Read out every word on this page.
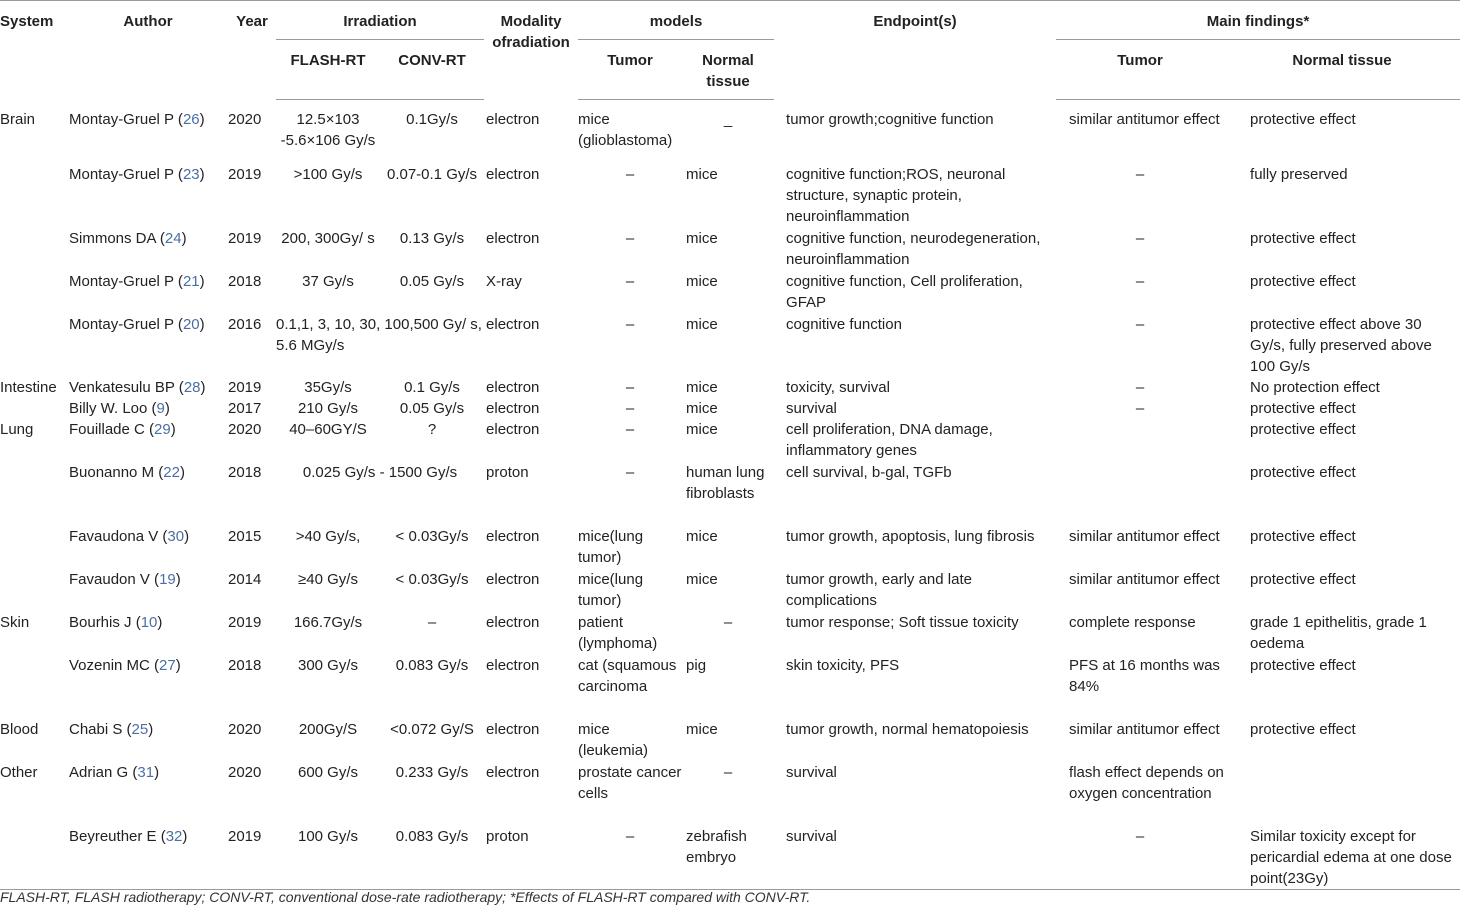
System	Author	Year	Irradiation		Modality ofradiation	models		Endpoint(s)	Main findings*	
			FLASH-RT	CONV-RT		Tumor	Normal tissue		Tumor	Normal tissue
Brain	Montay-Gruel P (26)	2020	12.5×103 -5.6×106 Gy/s	0.1Gy/s	electron	mice (glioblastoma)	_	tumor growth;cognitive function	similar antitumor effect	protective effect
	Montay-Gruel P (23)	2019	>100 Gy/s	0.07-0.1 Gy/s	electron	–	mice	cognitive function;ROS, neuronal structure, synaptic protein, neuroinflammation	–	fully preserved
	Simmons DA (24)	2019	200, 300Gy/ s	0.13 Gy/s	electron	–	mice	cognitive function, neurodegeneration, neuroinflammation	–	protective effect
	Montay-Gruel P (21)	2018	37 Gy/s	0.05 Gy/s	X-ray	–	mice	cognitive function, Cell proliferation, GFAP	–	protective effect
	Montay-Gruel P (20)	2016	0.1,1, 3, 10, 30, 100,500 Gy/ s, 5.6 MGy/s		electron	–	mice	cognitive function	–	protective effect above 30 Gy/s, fully preserved above 100 Gy/s
Intestine	Venkatesulu BP (28)	2019	35Gy/s	0.1 Gy/s	electron	–	mice	toxicity, survival	–	No protection effect
	Billy W. Loo (9)	2017	210 Gy/s	0.05 Gy/s	electron	–	mice	survival	–	protective effect
Lung	Fouillade C (29)	2020	40–60GY/S	?	electron	–	mice	cell proliferation, DNA damage, inflammatory genes		protective effect
	Buonanno M (22)	2018	0.025 Gy/s - 1500 Gy/s		proton	–	human lung fibroblasts	cell survival, b-gal, TGFb		protective effect
	Favaudona V (30)	2015	>40 Gy/s,	< 0.03Gy/s	electron	mice(lung tumor)	mice	tumor growth, apoptosis, lung fibrosis	similar antitumor effect	protective effect
	Favaudon V (19)	2014	≥40 Gy/s	< 0.03Gy/s	electron	mice(lung tumor)	mice	tumor growth, early and late complications	similar antitumor effect	protective effect
Skin	Bourhis J (10)	2019	166.7Gy/s	–	electron	patient (lymphoma)	–	tumor response; Soft tissue toxicity	complete response	grade 1 epithelitis, grade 1 oedema
	Vozenin MC (27)	2018	300 Gy/s	0.083 Gy/s	electron	cat (squamous carcinoma	pig	skin toxicity, PFS	PFS at 16 months was 84%	protective effect
Blood	Chabi S (25)	2020	200Gy/S	<0.072 Gy/S	electron	mice (leukemia)	mice	tumor growth, normal hematopoiesis	similar antitumor effect	protective effect
Other	Adrian G (31)	2020	600 Gy/s	0.233 Gy/s	electron	prostate cancer cells	–	survival	flash effect depends on oxygen concentration	
	Beyreuther E (32)	2019	100 Gy/s	0.083 Gy/s	proton	–	zebrafish embryo	survival	–	Similar toxicity except for pericardial edema at one dose point(23Gy)
FLASH-RT, FLASH radiotherapy; CONV-RT, conventional dose-rate radiotherapy; *Effects of FLASH-RT compared with CONV-RT.
